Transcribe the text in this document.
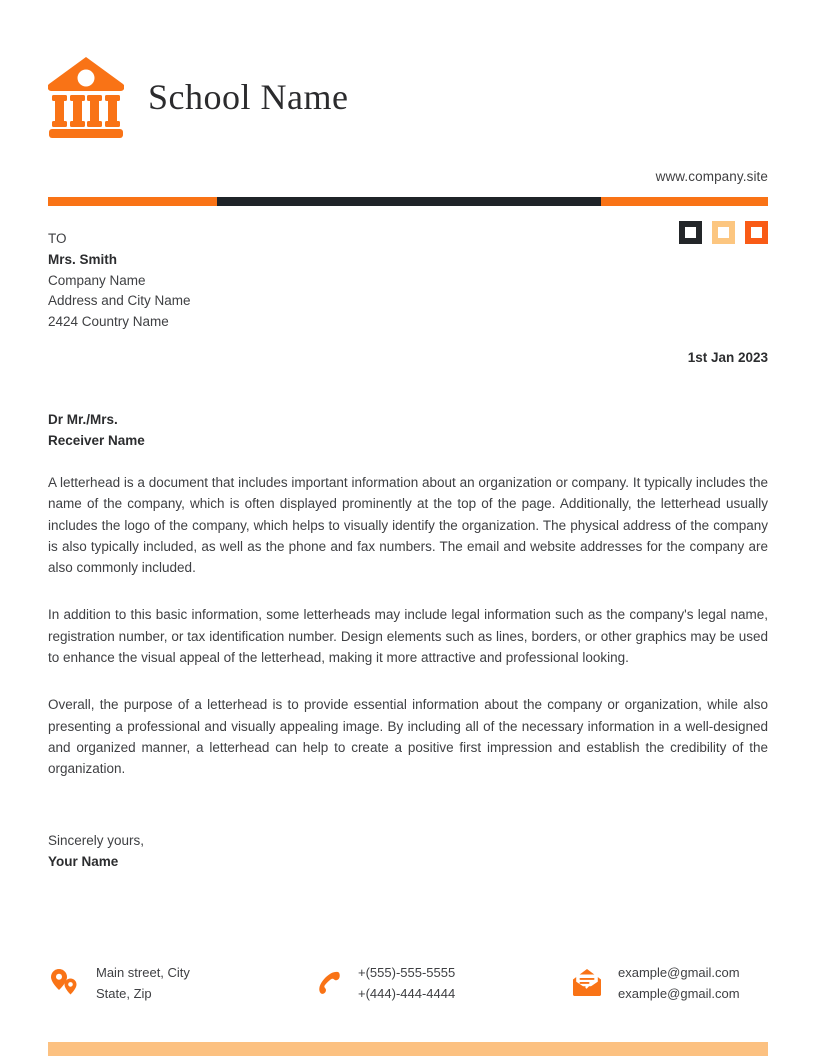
School Name
www.company.site
TO
Mrs. Smith
Company Name
Address and City Name
2424 Country Name
1st Jan 2023
Dr Mr./Mrs.
Receiver Name

A letterhead is a document that includes important information about an organization or company. It typically includes the name of the company, which is often displayed prominently at the top of the page. Additionally, the letterhead usually includes the logo of the company, which helps to visually identify the organization. The physical address of the company is also typically included, as well as the phone and fax numbers. The email and website addresses for the company are also commonly included.

In addition to this basic information, some letterheads may include legal information such as the company's legal name, registration number, or tax identification number. Design elements such as lines, borders, or other graphics may be used to enhance the visual appeal of the letterhead, making it more attractive and professional looking.

Overall, the purpose of a letterhead is to provide essential information about the company or organization, while also presenting a professional and visually appealing image. By including all of the necessary information in a well-designed and organized manner, a letterhead can help to create a positive first impression and establish the credibility of the organization.

Sincerely yours,
Your Name
Main street, City
State, Zip
+(555)-555-5555
+(444)-444-4444
example@gmail.com
example@gmail.com
